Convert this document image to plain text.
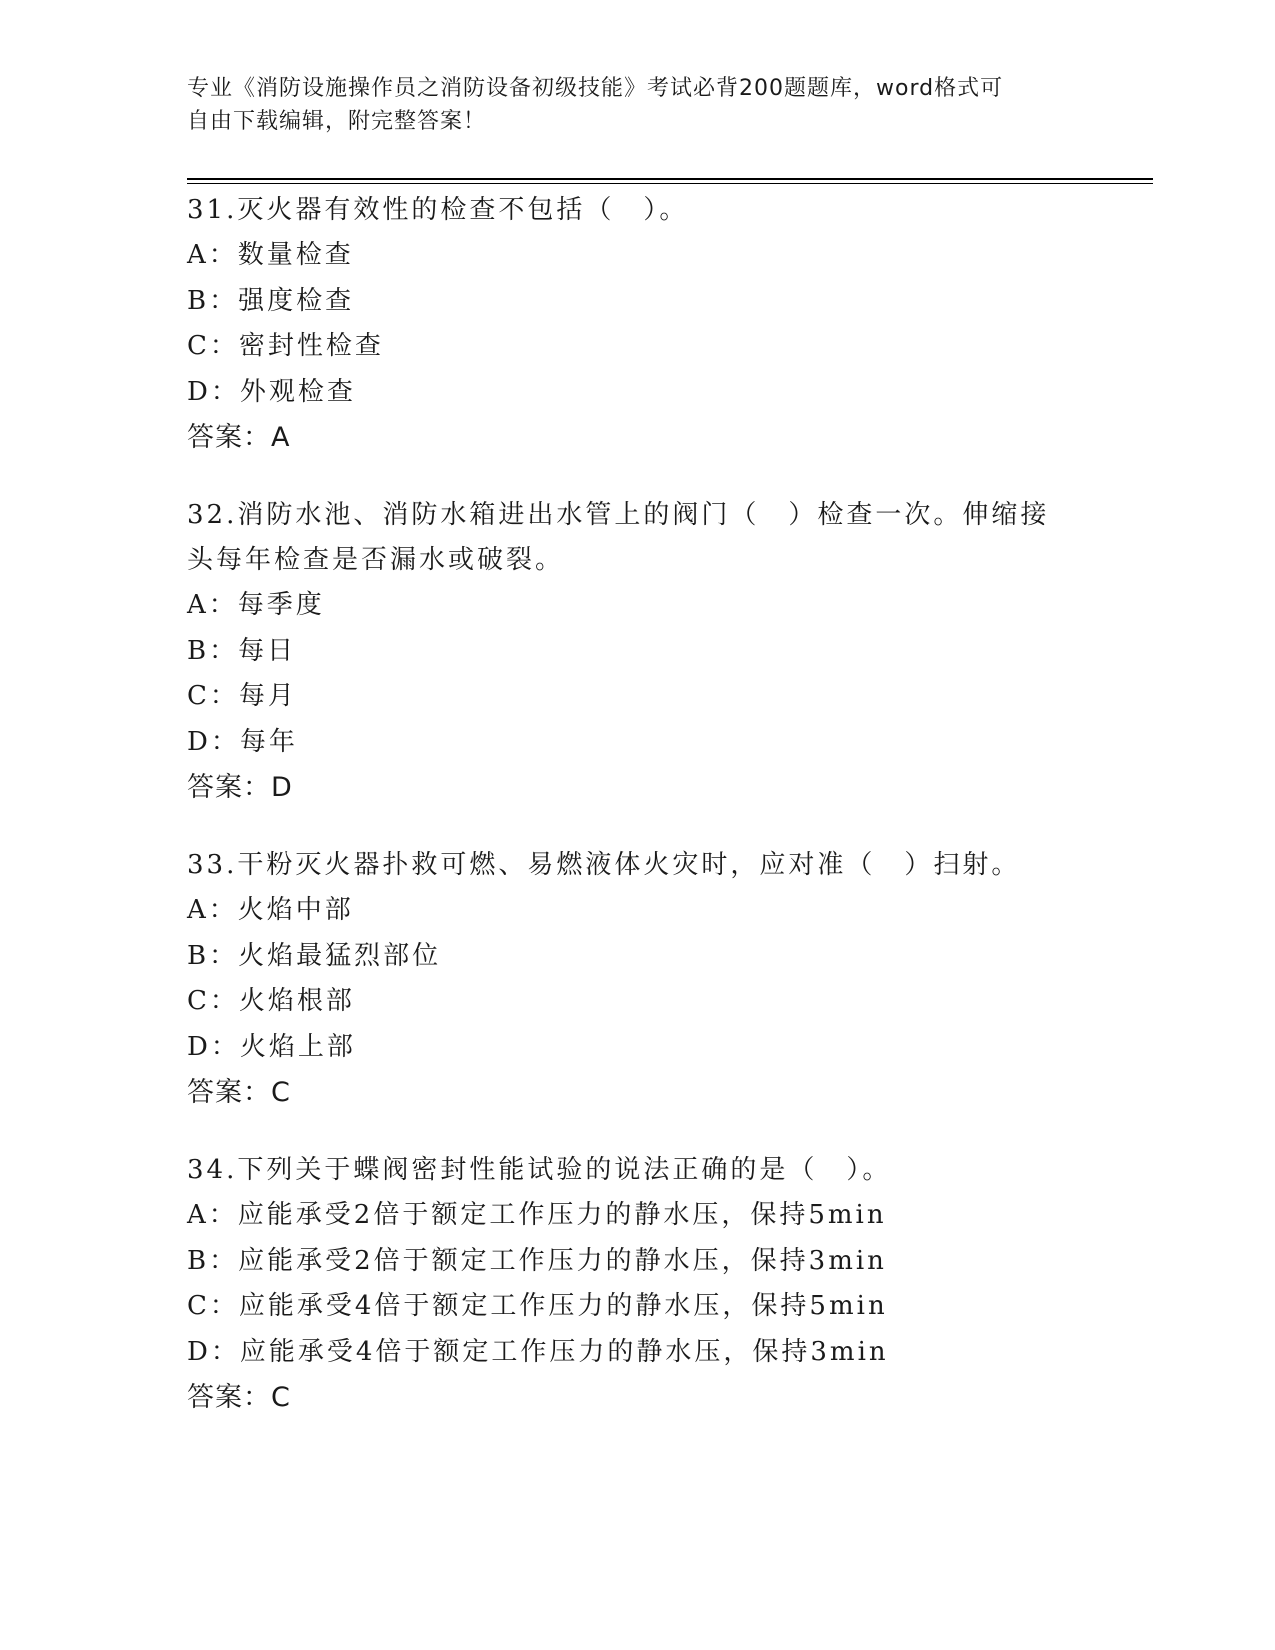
专业《消防设施操作员之消防设备初级技能》考试必背200题题库，word格式可
自由下载编辑，附完整答案！

31.灭火器有效性的检查不包括（　）。

A：数量检查

B：强度检查

C：密封性检查

D：外观检查

答案：A

32.消防水池、消防水箱进出水管上的阀门（　）检查一次。伸缩接头每年检查是否漏水或破裂。

A：每季度

B：每日

C：每月

D：每年

答案：D

33.干粉灭火器扑救可燃、易燃液体火灾时，应对准（　）扫射。

A：火焰中部

B：火焰最猛烈部位

C：火焰根部

D：火焰上部

答案：C

34.下列关于蝶阀密封性能试验的说法正确的是（　）。

A：应能承受2倍于额定工作压力的静水压，保持5min

B：应能承受2倍于额定工作压力的静水压，保持3min

C：应能承受4倍于额定工作压力的静水压，保持5min

D：应能承受4倍于额定工作压力的静水压，保持3min

答案：C
